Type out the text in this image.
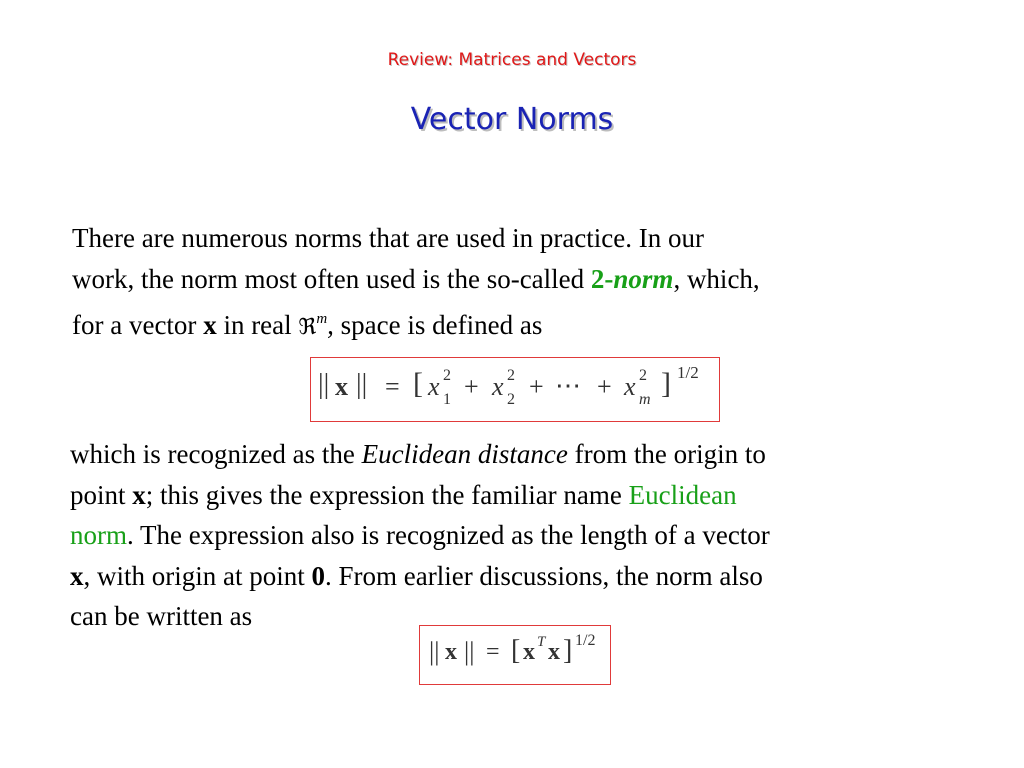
Review: Matrices and Vectors
Vector Norms
There are numerous norms that are used in practice. In our
work, the norm most often used is the so-called 2-norm, which,
for a vector x in real ℜ$^m$, space is defined as
|| x || = [ x 2
1 + x 2
2 + ⋯ + x 2
m ] 1/2
which is recognized as the Euclidean distance from the origin to
point x; this gives the expression the familiar name Euclidean
norm. The expression also is recognized as the length of a vector
x, with origin at point 0. From earlier discussions, the norm also
can be written as
|| x || = [ x T x ] 1/2
